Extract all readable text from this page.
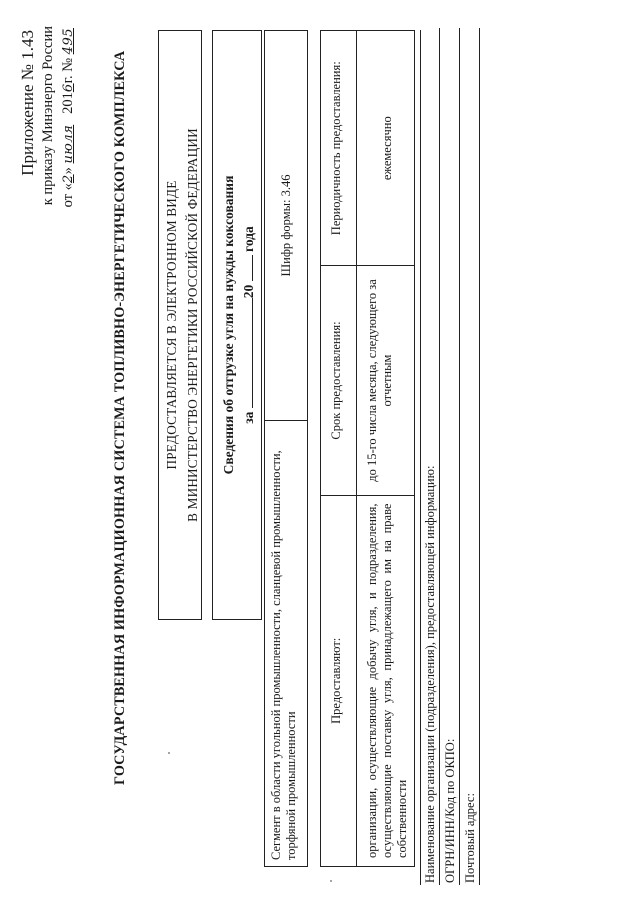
Приложение № 1.43 к приказу Минэнерго России от «2» июля   2016г. № 495
ГОСУДАРСТВЕННАЯ ИНФОРМАЦИОННАЯ СИСТЕМА ТОПЛИВНО-ЭНЕРГЕТИЧЕСКОГО КОМПЛЕКСА	ПРЕДОСТАВЛЯЕТСЯ В ЭЛЕКТРОННОМ ВИДЕ В МИНИСТЕРСТВО ЭНЕРГЕТИКИ РОССИЙСКОЙ ФЕДЕРАЦИИ	Сведения об отгрузке угля на нужды коксования за 20  года
Сегмент в области угольной промышленности, сланцевой промышленности, торфяной промышленности	Шифр формы: 3.46
Предоставляют:	Срок предоставления:	Периодичность предоставления:
организации, осуществляющие добычу угля, и подразделения, осуществляющие поставку угля, принадлежащего им на праве собственности	до 15-го числа месяца, следующего за отчетным	ежемесячно
Наименование организации (подразделения), предоставляющей информацию: ОГРН/ИНН/Код по ОКПО: Почтовый адрес:
